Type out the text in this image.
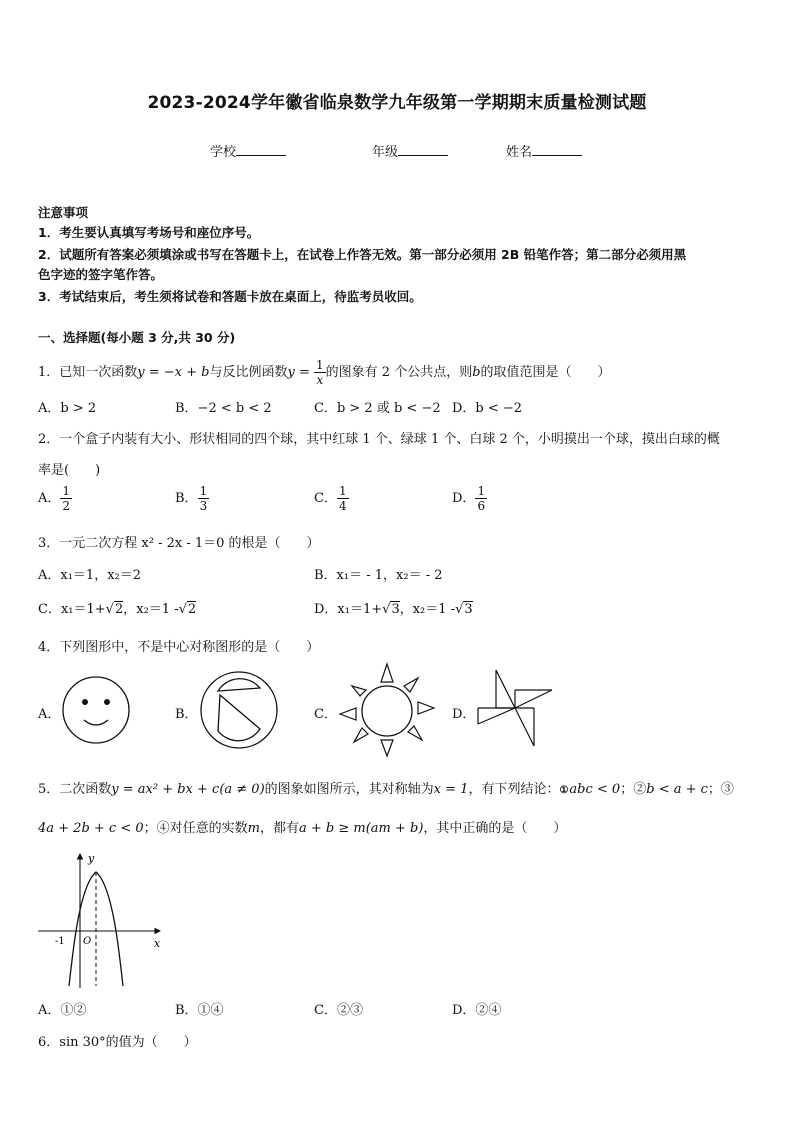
2023-2024学年徽省临泉数学九年级第一学期期末质量检测试题
学校	年级	姓名
注意事项
1．考生要认真填写考场号和座位序号。
2．试题所有答案必须填涂或书写在答题卡上，在试卷上作答无效。第一部分必须用 2B 铅笔作答；第二部分必须用黑
色字迹的签字笔作答。
3．考试结束后，考生须将试卷和答题卡放在桌面上，待监考员收回。
一、选择题(每小题 3 分,共 30 分)
1．已知一次函数y = −x + b与反比例函数$y = \frac{1}{x}$ 的图象有 2 个公共点，则b的取值范围是（　　）
A．b > 2	B．−2 < b < 2	C．b > 2 或 b < −2 D．b < −2
2．一个盒子内装有大小、形状相同的四个球，其中红球 1 个、绿球 1 个、白球 2 个，小明摸出一个球，摸出白球的概
率是(　　)
A． $\frac{1}{2}$	B． $\frac{1}{3}$	C． $\frac{1}{4}$	D． $\frac{1}{6}$
3．一元二次方程 x² - 2x - 1＝0 的根是（　　）
A．x₁＝1，x₂＝2	B．x₁＝ - 1，x₂＝ - 2
C．x₁＝1+√2，x₂＝1 -√2	D．x₁＝1+√3，x₂＝1 -√3
4．下列图形中，不是中心对称图形的是（　　）
A．	B．	C．	D．
5．二次函数y = ax² + bx + c(a ≠ 0)的图象如图所示，其对称轴为x = 1，有下列结论：①abc < 0；②b < a + c；③
4a + 2b + c < 0；④对任意的实数m，都有a + b ≥ m(am + b)，其中正确的是（　　）
y
x
-1 O
A．①②	B．①④	C．②③	D．②④
6．sin 30°的值为（　　）
